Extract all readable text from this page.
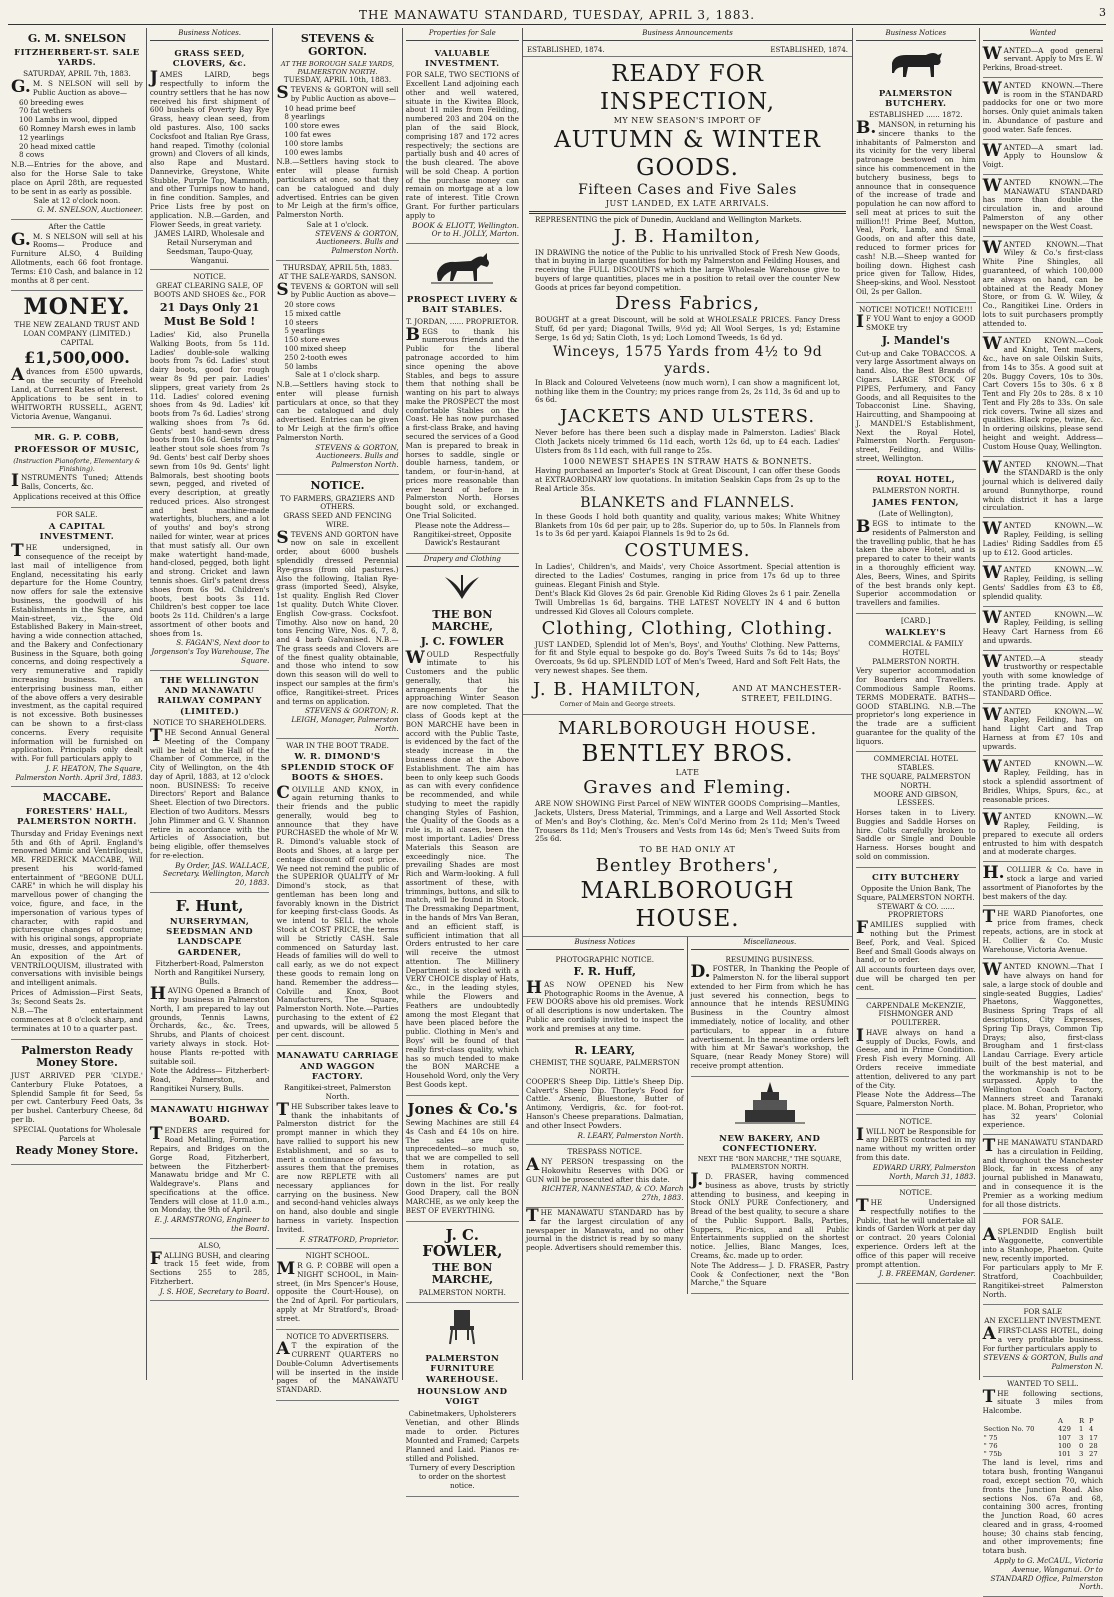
THE MANAWATU STANDARD, TUESDAY, APRIL 3, 1883.	3
G. M. SNELSON
FITZHERBERT-ST. SALE YARDS.
SATURDAY, APRIL 7th, 1883.

G.M. S NELSON will sell by Public Auction as above—

60 breeding ewes

70 fat wethers

100 Lambs in wool, dipped

60 Romney Marsh ewes in lamb

12 yearlings

20 head mixed cattle

8 cows

N.B.—Entries for the above, and also for the Horse Sale to take place on April 28th, are requested to be sent in as early as possible.

Sale at 12 o'clock noon.
G. M. SNELSON, Auctioneer.
After the Cattle

G.M. S NELSON will sell at his Rooms— Produce and Furniture ALSO, 4 Building Allotments, each 66 foot frontage. Terms: £10 Cash, and balance in 12 months at 8 per cent.

MONEY.
THE NEW ZEALAND TRUST AND LOAN COMPANY (LIMITED.)
CAPITAL £1,500,000.

Advances from £500 upwards, on the security of Freehold Land, at Current Rates of Interest.

Applications to be sent in to WHITWORTH RUSSELL, AGENT, Victoria Avenue, Wanganui.

MR. G. P. COBB,
PROFESSOR OF MUSIC,
(Instruction Pianoforte, Elementary & Finishing).

INSTRUMENTS Tuned; Attends Balls, Concerts, &c.

Applications received at this Office

FOR SALE.
A CAPITAL INVESTMENT.

THE undersigned, in consequence of the receipt by last mail of intelligence from England, necessitating his early departure for the Home Country, now offers for sale the extensive business, the goodwill of his Establishments in the Square, and Main-street, viz., the Old Established Bakery in Main-street, having a wide connection attached, and the Bakery and Confectionary Business in the Square, both going concerns, and doing respectively a very remunerative and rapidly increasing business. To an enterprising business man, either of the above offers a very desirable investment, as the capital required is not excessive. Both businesses can be shown to a first-class concerns. Every requisite information will be furnished on application. Principals only dealt with. For full particulars apply to

J. F. HEATON, The Square, Palmerston North. April 3rd, 1883.
MACCABE.
FORESTERS' HALL, PALMERSTON NORTH.

Thursday and Friday Evenings next 5th and 6th of April. England's renowned Mimic and Ventriloquist, MR. FREDERICK MACCABE, Will present his world-famed entertainment of "BEGONE DULL CARE" in which he will display his marvellous power of changing the voice, figure, and face, in the impersonation of various types of character, with rapid and picturesque changes of costume; with his original songs, appropriate music, dresses, and appointments. An exposition of the Art of VENTRILOQUISM, illustrated with conversations with invisible beings and intelligent animals.

Prices of Admission—First Seats, 3s; Second Seats 2s.

N.B.—The entertainment commences at 8 o'clock sharp, and terminates at 10 to a quarter past.

Palmerston Ready Money Store.

JUST ARRIVED PER 'CLYDE.' Canterbury Fluke Potatoes, a Splendid Sample fit for Seed, 5s per cwt. Canterbury Feed Oats, 3s per bushel. Canterbury Cheese, 8d per lb.

SPECIAL Quotations for Wholesale Parcels at

Ready Money Store.
Business Notices.
GRASS SEED, CLOVERS, &c.

JAMES LAIRD, begs respectfully to inform the country settlers that he has now received his first shipment of 600 bushels of Poverty Bay Rye Grass, heavy clean seed, from old pastures. Also, 100 sacks Cocksfoot and Italian Rye Grass, hand reaped. Timothy (colonial grown) and Clovers of all kinds, also Rape and Mustard. Dannevirke, Greystone, White Stubble, Purple Top, Mammoth, and other Turnips now to hand, in fine condition. Samples, and Price Lists free by post on application. N.B.—Garden, and Flower Seeds, in great variety.

JAMES LAIRD, Wholesale and Retail Nurseryman and Seedsman, Taupo-Quay, Wanganui.
NOTICE.
GREAT CLEARING SALE, OF BOOTS AND SHOES &c., FOR
21 Days Only 21
Must Be Sold !

Ladies' Kid, also Prunella Walking Boots, from 5s 11d. Ladies' double-sole walking boots from 7s 6d. Ladies' stout dairy boots, good for rough wear 8s 9d per pair. Ladies' slippers, great variety from 2s 11d. Ladies' colored evening shoes from 4s 9d. Ladies' kit boots from 7s 6d. Ladies' strong walking shoes from 7s 6d. Gents' best hand-sewn dress boots from 10s 6d. Gents' strong leather stout sole shoes from 7s 9d. Gents' best calf Derby shoes sewn from 10s 9d. Gents' light Balmorals, best shooting boots sewn, pegged, and riveted of every description, at greatly reduced prices. Also strongest and best machine-made watertights, bluchers, and a lot of youths' and boy's strong nailed for winter, wear at prices that must satisfy all. Our own make watertight hand-made, hand-closed, pegged, both light and strong. Cricket and lawn tennis shoes. Girl's patent dress shoes from 6s 9d. Children's boots, best boots 3s 11d. Children's best copper toe lace boots 2s 11d. Children's a large assortment of other boots and shoes from 1s.

S. FAGAN'S, Next door to Jorgenson's Toy Warehouse, The Square.
THE WELLINGTON AND MANAWATU RAILWAY COMPANY (LIMITED.)
NOTICE TO SHAREHOLDERS.

THE Second Annual General Meeting of the Company will be held at the Hall of the Chamber of Commerce, in the City of Wellington, on the 4th day of April, 1883, at 12 o'clock noon. BUSINESS: To receive Directors' Report and Balance Sheet. Election of two Directors. Election of two Auditors. Messrs John Plimmer and G. V. Shannon retire in accordance with the Articles of Association, but being eligible, offer themselves for re-election.

By Order, JAS. WALLACE, Secretary. Wellington, March 20, 1883.
F. Hunt,
NURSERYMAN, SEEDSMAN AND LANDSCAPE GARDENER,
Fitzherbert-Road, Palmerston North and Rangitikei Nursery, Bulls.

HAVING Opened a Branch of my business in Palmerston North, I am prepared to lay out grounds, Tennis Lawns, Orchards, &c., &c. Trees, Shrubs, and Plants of choicest variety always in stock. Hot-house Plants re-potted with suitable soil.

Note the Address— Fitzherbert-Road, Palmerston, and Rangitikei Nursery, Bulls.

MANAWATU HIGHWAY BOARD.

TENDERS are required for Road Metalling, Formation, Repairs, and Bridges on the Gorge Road, Fitzherbert, between the Fitzherbert-Manawatu bridge and Mr C. Waldegrave's. Plans and specifications at the office. Tenders will close at 11.0 a.m., on Monday, the 9th of April.

E. J. ARMSTRONG, Engineer to the Board.
ALSO,

FALLING BUSH, and clearing track 15 feet wide, from Sections 255 to 285, Fitzherbert.

J. S. HOE, Secretary to Board.
STEVENS & GORTON.
AT THE BOROUGH SALE YARDS, PALMERSTON NORTH.
TUESDAY, APRIL 10th, 1883.

STEVENS & GORTON will sell by Public Auction as above—

10 head prime beef

8 yearlings

100 store ewes

100 fat ewes

100 store lambs

100 ewes lambs

N.B.—Settlers having stock to enter will please furnish particulars at once, so that they can be catalogued and duly advertised. Entries can be given to Mr Leigh at the firm's office, Palmerston North.

Sale at 1 o'clock.
STEVENS & GORTON, Auctioneers. Bulls and Palmerston North.
THURSDAY, APRIL 5th, 1883.
AT THE SALE-YARDS, SANSON.

STEVENS & GORTON will sell by Public Auction as above—

20 store cows

15 mixed cattle

10 steers

5 yearlings

150 store ewes

100 mixed sheep

250 2-tooth ewes

50 lambs

Sale at 1 o'clock sharp.

N.B.—Settlers having stock to enter will please furnish particulars at once, so that they can be catalogued and duly advertised. Entries can be given to Mr Leigh at the firm's office Palmerston North.

STEVENS & GORTON, Auctioneers. Bulls and Palmerston North.
NOTICE.
TO FARMERS, GRAZIERS AND OTHERS.
GRASS SEED AND FENCING WIRE.

STEVENS AND GORTON have now on sale in excellent order, about 6000 bushels splendidly dressed Perennial Rye-grass (from old pastures.) Also the following, Italian Rye-grass (imported Seed), Alsyke, 1st quality. English Red Clover 1st quality. Dutch White Clover. English Cow-grass. Cocksfoot. Timothy. Also now on hand, 20 tons Fencing Wire, Nos. 6, 7, 8, and 4 barb Galvanised. N.B.—The grass seeds and Clovers are of the finest quality obtainable, and those who intend to sow down this season will do well to inspect our samples at the firm's office, Rangitikei-street. Prices and terms on application.

STEVENS & GORTON; R. LEIGH, Manager, Palmerston North.
WAR IN THE BOOT TRADE.
W. R. DIMOND'S SPLENDID STOCK OF BOOTS & SHOES.

COLVILLE AND KNOX, in again returning thanks to their friends and the public generally, would beg to announce that they have PURCHASED the whole of Mr W. R. Dimond's valuable stock of Boots and Shoes, at a large per centage discount off cost price. We need not remind the public of the SUPERIOR QUALITY of Mr Dimond's stock, as that gentleman has been long and favorably known in the District for keeping first-class Goods. As we intend to SELL the whole Stock at COST PRICE, the terms will be Strictly CASH. Sale commenced on Saturday last. Heads of families will do well to call early, as we do not expect these goods to remain long on hand. Remember the address—Colville and Knox, Boot Manufacturers, The Square, Palmerston North. Note.—Parties purchasing to the extent of £2 and upwards, will be allowed 5 per cent. discount.

MANAWATU CARRIAGE AND WAGGON FACTORY.
Rangitikei-street, Palmerston North.

THE Subscriber takes leave to thank the inhabitants of Palmerston district for the prompt manner in which they have rallied to support his new Establishment, and so as to merit a continuance of favours, assures them that the premises are now REPLETE with all necessary appliances for carrying on the business. New and second-hand vehicles always on hand, also double and single harness in variety. Inspection Invited.

F. STRATFORD, Proprietor.
NIGHT SCHOOL.

MR G. P. COBBE will open a NIGHT SCHOOL, in Main-street, (in Mrs Spencer's House, opposite the Court-House), on the 2nd of April. For particulars, apply at Mr Stratford's, Broad-street.

NOTICE TO ADVERTISERS.

AT the expiration of the CURRENT QUARTERS no Double-Column Advertisements will be inserted in the inside pages of the MANAWATU STANDARD.

Properties for Sale
VALUABLE INVESTMENT.

FOR SALE, TWO SECTIONS of Excellent Land adjoining each other and well watered, situate in the Kiwitea Block, about 11 miles from Feilding, numbered 203 and 204 on the plan of the said Block, comprising 187 and 172 acres respectively; the sections are partially bush and 40 acres of the bush cleared. The above will be sold Cheap. A portion of the purchase money can remain on mortgage at a low rate of interest. Title Crown Grant. For further particulars apply to

BOOK & ELIOTT, Wellington. Or to H. JOLLY, Marton.
PROSPECT LIVERY & BAIT STABLES.
T. JORDAN, ...... PROPRIETOR.

BEGS to thank his numerous friends and the Public for the liberal patronage accorded to him since opening the above Stables, and begs to assure them that nothing shall be wanting on his part to always make the PROSPECT the most comfortable Stables on the Coast. He has now purchased a first-class Brake, and having secured the services of a Good Man is prepared to break in horses to saddle, single or double harness, tandem, or tandem, or four-in-hand, at prices more reasonable than ever heard of before in Palmerston North. Horses bought sold, or exchanged. One Trial Solicited.

Please note the Address—Rangitikei-street, Opposite Dawick's Restaurant

Drapery and Clothing
THE BON MARCHE,
J. C. FOWLER

WOULD Respectfully intimate to his Customers and the public generally, that his arrangements for the approaching Winter Season are now completed. That the class of Goods kept at the BON MARCHE have been in accord with the Public Taste, is evidenced by the fact of the steady increase in the business done at the Above Establishment. The aim has been to only keep such Goods as can with every confidence be recommended, and while studying to meet the rapidly changing Styles of Fashion, the Quality of the Goods as a rule is, in all cases, been the most important. Ladies' Dress Materials this Season are exceedingly nice. The prevailing Shades are most Rich and Warm-looking. A full assortment of these, with trimmings, buttons, and silk to match, will be found in Stock. The Dressmaking Department, in the hands of Mrs Van Beran, and an efficient staff, is sufficient intimation that all Orders entrusted to her care will receive the utmost attention. The Millinery Department is stocked with a VERY CHOICE display of Hats, &c., in the leading styles, while the Flowers and Feathers are undoubtedly among the most Elegant that have been placed before the public. Clothing in Men's and Boys' will be found of that really first-class quality, which has so much tended to make the BON MARCHE a Household Word, only the Very Best Goods kept.

Jones & Co.'s

Sewing Machines are still £4 4s Cash and £4 10s on hire. The sales are quite unprecedented—so much so, that we are compelled to sell them in rotation, as Customers' names are put down in the list. For really Good Drapery, call the BON MARCHE, as we only keep the BEST OF EVERYTHING.

J. C. FOWLER,
THE BON MARCHE,
PALMERSTON NORTH.
PALMERSTON FURNITURE WAREHOUSE.
HOUNSLOW AND VOIGT
Cabinetmakers, Upholsterers

Venetian, and other Blinds made to order. Pictures Mounted and Framed; Carpets Planned and Laid. Pianos re-stilled and Polished.

Turnery of every Description to order on the shortest notice.

Business Announcements
ESTABLISHED, 1874.	ESTABLISHED, 1874.
READY FOR INSPECTION,
MY NEW SEASON'S IMPORT OF
AUTUMN & WINTER GOODS.
Fifteen Cases and Five Sales
JUST LANDED, EX LATE ARRIVALS.

REPRESENTING the pick of Dunedin, Auckland and Wellington Markets.

J. B. Hamilton,

IN DRAWING the notice of the Public to his unrivalled Stock of Fresh New Goods, that in buying in large quantities for both my Palmerston and Feilding Houses, and receiving the FULL DISCOUNTS which the large Wholesale Warehouse give to buyers of large quantities, places me in a position to retail over the counter New Goods at prices far beyond competition.

Dress Fabrics,

BOUGHT at a great Discount, will be sold at WHOLESALE PRICES. Fancy Dress Stuff, 6d per yard; Diagonal Twills, 9½d yd; All Wool Serges, 1s yd; Estamine Serge, 1s 6d yd; Satin Cloth, 1s yd; Loch Lomond Tweeds, 1s 6d yd.

Winceys, 1575 Yards from 4½ to 9d yards.

In Black and Coloured Velveteens (now much worn), I can show a magnificent lot, nothing like them in the Country; my prices range from 2s, 2s 11d, 3s 6d and up to 6s 6d.

JACKETS AND ULSTERS.

Never before has there been such a display made in Palmerston. Ladies' Black Cloth Jackets nicely trimmed 6s 11d each, worth 12s 6d, up to £4 each. Ladies' Ulsters from 8s 11d each, with full range to 25s.

1000 NEWEST SHAPES IN STRAW HATS & BONNETS.

Having purchased an Importer's Stock at Great Discount, I can offer these Goods at EXTRAORDINARY low quotations. In imitation Sealskin Caps from 2s up to the Real Article 35s.

BLANKETS and FLANNELS.

In these Goods I hold both quantity and quality, various makes; White Whitney Blankets from 10s 6d per pair, up to 28s. Superior do, up to 50s. In Flannels from 1s to 3s 6d per yard. Kaiapoi Flannels 1s 9d to 2s 6d.

COSTUMES.

In Ladies', Children's, and Maids', very Choice Assortment. Special attention is directed to the Ladies' Costumes, ranging in price from 17s 6d up to three guineas. Elegant Finish and Style.

Dent's Black Kid Gloves 2s 6d pair. Grenoble Kid Riding Gloves 2s 6 1 pair. Zenella Twill Umbrellas 1s 6d, bargains. THE LATEST NOVELTY IN 4 and 6 button undressed Kid Gloves all Colours complete.

Clothing, Clothing, Clothing.

JUST LANDED, Splendid lot of Men's, Boys', and Youths' Clothing. New Patterns, for fit and Style equal to bespoke go do. Boy's Tweed Suits 7s 6d to 14s; Boys' Overcoats, 9s 6d up. SPLENDID LOT of Men's Tweed, Hard and Soft Felt Hats, the very newest shapes. See them.

J. B. HAMILTON,
Corner of Main and George streets.
AND AT MANCHESTER-STREET, FEILDING.
MARLBOROUGH HOUSE.
BENTLEY BROS.
LATE
Graves and Fleming.

ARE NOW SHOWING First Parcel of NEW WINTER GOODS Comprising—Mantles, Jackets, Ulsters, Dress Material, Trimmings, and a Large and Well Assorted Stock of Men's and Boy's Clothing, &c. Men's Col'd Merino from 2s 11d; Men's Tweed Trousers 8s 11d; Men's Trousers and Vests from 14s 6d; Men's Tweed Suits from 25s 6d.

TO BE HAD ONLY AT
Bentley Brothers',
MARLBOROUGH HOUSE.
Business Notices
PHOTOGRAPHIC NOTICE.
F. R. Huff,

HAS NOW OPENED his New Photographic Rooms in the Avenue, A FEW DOORS above his old premises. Work of all descriptions is now undertaken. The Public are cordially invited to inspect the work and premises at any time.

R. LEARY,
CHEMIST, THE SQUARE, PALMERSTON NORTH.

COOPER'S Sheep Dip. Little's Sheep Dip. Calvert's Sheep Dip. Thorley's Food for Cattle. Arsenic, Bluestone, Butter of Antimony, Verdigris, &c. for foot-rot. Hanson's Cheese preparations. Dalmatian, and other Insect Powders.

R. LEARY, Palmerston North.
TRESPASS NOTICE.

ANY PERSON trespassing on the Hokowhitu Reserves with DOG or GUN will be prosecuted after this date.

RICHTER, NANNESTAD, & CO. March 27th, 1883.

THE MANAWATU STANDARD has by far the largest circulation of any newspaper in Manawatu, and no other journal in the district is read by so many people. Advertisers should remember this.

Miscellaneous.
RESUMING BUSINESS.

D.FOSTER, In Thanking the People of Palmerston N. for the liberal support extended to her Firm from which he has just severed his connection, begs to announce that he intends RESUMING Business in the Country almost immediately, notice of locality, and other particulars, to appear in a future advertisement. In the meantime orders left with him at Mr Sawar's workshop, the Square, (near Ready Money Store) will receive prompt attention.

NEW BAKERY, AND CONFECTIONERY.
NEXT THE "BON MARCHE," THE SQUARE, PALMERSTON NORTH.

J.D. FRASER, having commenced business as above, trusts by strictly attending to business, and keeping in Stock ONLY PURE Confectionery, and Bread of the best quality, to secure a share of the Public Support. Balls, Parties, Suppers, Pic-nics, and all Public Entertainments supplied on the shortest notice. Jellies, Blanc Manges, Ices, Creams, &c. made up to order.

Note The Address— J. D. FRASER, Pastry Cook & Confectioner, next the "Bon Marche," the Square

Business Notices
PALMERSTON BUTCHERY.
ESTABLISHED ...... 1872.

B.MANSON, in returning his sincere thanks to the inhabitants of Palmerston and its vicinity for the very liberal patronage bestowed on him since his commencement in the butchery business, begs to announce that in consequence of the increase of trade and population he can now afford to sell meat at prices to suit the million!!! Prime Beef, Mutton, Veal, Pork, Lamb, and Small Goods, on and after this date, reduced to former prices for cash! N.B.—Sheep wanted for boiling down. Highest cash price given for Tallow, Hides, Sheep-skins, and Wool. Nesstoot Oil, 2s per Gallon.

NOTICE! NOTICE!! NOTICE!!!

IF YOU Want to enjoy a GOOD SMOKE try

J. Mandel's

Cut-up and Cake TOBACCOS. A very large Assortment always on hand. Also, the Best Brands of Cigars. LARGE STOCK OF PIPES, Perfumery, and Fancy Goods, and all Requisites to the Tobacconist Line. Shaving, Haircutting, and Shampooing at J. MANDEL'S Establishment, Next the Royal Hotel, Palmerston North. Ferguson-street, Feilding, and Willis-street, Wellington.

ROYAL HOTEL,
PALMERSTON NORTH.
JAMES FENTON,
(Late of Wellington),

BEGS to intimate to the residents of Palmerston and the travelling public, that he has taken the above Hotel, and is prepared to cater to their wants in a thoroughly efficient way. Ales, Beers, Wines, and Spirits of the best brands only kept. Superior accommodation or travellers and families.

[CARD.]
WALKLEY'S
COMMERCIAL & FAMILY HOTEL
PALMERSTON NORTH.

Very superior accommodation for Boarders and Travellers. Commodious Sample Rooms. TERMS MODERATE. BATHS—GOOD STABLING. N.B.—The proprietor's long experience in the trade are a sufficient guarantee for the quality of the liquors.

COMMERCIAL HOTEL STABLES.
THE SQUARE, PALMERSTON NORTH.
MOORE AND GIBSON, LESSEES.

Horses taken in to Livery. Buggies and Saddle Horses on hire. Colts carefully broken to Saddle or Single and Double Harness. Horses bought and sold on commission.

CITY BUTCHERY
Opposite the Union Bank, The Square, PALMERSTON NORTH.
STEWART & CO. ...... PROPRIETORS

FAMILIES supplied with nothing but the Primest Beef, Pork, and Veal. Spiced Beef and Small Goods always on hand, or to order.

All accounts fourteen days over, due will be charged ten per cent.

CARPENDALE McKENZIE,
FISHMONGER AND POULTERER.

IHAVE always on hand a supply of Ducks, Fowls, and Geese, and in Prime Condition. Fresh Fish every Morning. All Orders receive immediate attention, delivered to any part of the City.

Please Note the Address—The Square, Palmerston North.

NOTICE.

IWILL NOT be Responsible for any DEBTS contracted in my name without my written order from this date.

EDWARD URRY, Palmerston North, March 31, 1883.
NOTICE.

THE Undersigned respectfully notifies to the Public, that he will undertake all kinds of Garden Work at per day or contract. 20 years Colonial experience. Orders left at the office of this paper will receive prompt attention.

J. B. FREEMAN, Gardener.
Wanted

WANTED—A good general servant. Apply to Mrs E. W Perkins, Broad-street.

WANTED KNOWN.—There is room in the STANDARD paddocks for one or two more horses. Only quiet animals taken in. Abundance of pasture and good water. Safe fences.

WANTED—A smart lad. Apply to Hounslow & Voigt.

WANTED KNOWN.—The MANAWATU STANDARD has more than double the circulation in, and around Palmerston of any other newspaper on the West Coast.

WANTED KNOWN.—That Wiley & Co.'s first-class White Pine Shingles, all guaranteed, of which 100,000 are always on hand, can be obtained at the Ready Money Store, or from G. W. Wiley, & Co., Rangitikei Line. Orders in lots to suit purchasers promptly attended to.

WANTED KNOWN.—Cook and Knight, Tent makers, &c., have on sale Oilskin Suits, from 14s to 35s. A good suit at 20s. Buggy Covers, 10s to 30s. Cart Covers 15s to 30s. 6 x 8 Tent and Fly 20s to 28s. 8 x 10 Tent and Fly 28s to 33s. On sale rick covers. Twine all sizes and qualities. Black rope, twine, &c. In ordering oilskins, please send height and weight. Address—Custom House Quay, Wellington.

WANTED KNOWN.—That the STANDARD is the only journal which is delivered daily around Bunnythorpe, round which district it has a large circulation.

WANTED KNOWN.—W. Rapley, Feilding, is selling Ladies' Riding Saddles from £5 up to £12. Good articles.

WANTED KNOWN.—W. Rapley, Feilding, is selling Gents' Saddles from £3 to £8, splendid quality.

WANTED KNOWN.—W. Rapley, Feilding, is selling Heavy Cart Harness from £6 and upwards.

WANTED.—A steady trustworthy or respectable youth with some knowledge of the printing trade. Apply at STANDARD Office.

WANTED KNOWN.—W. Rapley, Feilding, has on hand Light Cart and Trap Harness at from £7 10s and upwards.

WANTED KNOWN.—W. Rapley, Feilding, has in stock a splendid assortment of Bridles, Whips, Spurs, &c., at reasonable prices.

WANTED KNOWN.—W. Rapley, Feilding, is prepared to execute all orders entrusted to him with despatch and at moderate charges.

H.COLLIER & Co. have in stock a large and varied assortment of Pianofortes by the best makers of the day.

THE WARD Pianofortes, one price from frames, check repeats, actions, are in stock at H. Collier & Co. Music Warehouse, Victoria Avenue.

WANTED KNOWN.—That I have always on hand for sale, a large stock of double and single-seated Buggies, Ladies' Phaetons, Waggonettes, Business Spring Traps of all descriptions, City Expresses, Spring Tip Drays, Common Tip Drays; also, first-class Brougham and 1 first-class Landau Carriage. Every article built of the best material, and the workmanship is not to be surpassed. Apply to the Wellington Coach Factory, Manners street and Taranaki place. M. Bohan, Proprietor, who has 32 years' Colonial experience.

THE MANAWATU STANDARD has a circulation in Feilding, and throughout the Manchester Block, far in excess of any journal published in Manawatu, and in consequence it is the Premier as a working medium for all those districts.

FOR SALE.

ASPLENDID English built Waggonette, convertible into a Stanhope, Phaeton. Quite new, recently imported.

For particulars apply to Mr F. Stratford, Coachbuilder, Rangitikei-street Palmerston North.

FOR SALE
AN EXCELLENT INVESTMENT.

AFIRST-CLASS HOTEL, doing a very profitable business. For further particulars apply to

STEVENS & GORTON, Bulls and Palmerston N.
WANTED TO SELL.

THE following sections, situate 3 miles from Halcombe.

	A	R	P
Section No. 70	429	1	4
" 75	107	3	17
" 76	100	0	28
" 75b	101	3	27

The land is level, rims and totara bush, fronting Wanganui road, except section 70, which fronts the Junction Road. Also sections Nos. 67a and 68, containing 300 acres, fronting the Junction Road, 60 acres cleared and in grass, 4-roomed house; 30 chains stab fencing, and other improvements; fine totara bush.

Apply to G. McCAUL, Victoria Avenue, Wanganui. Or to STANDARD Office, Palmerston North.
